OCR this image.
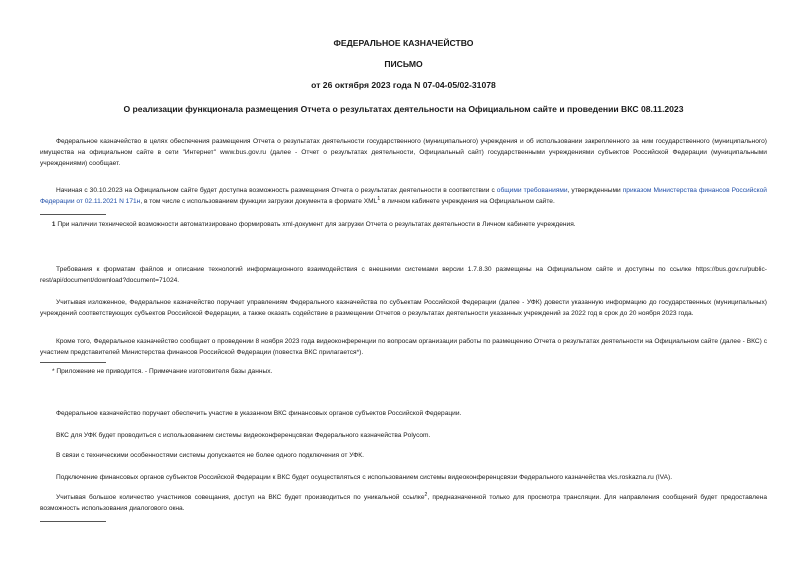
ФЕДЕРАЛЬНОЕ КАЗНАЧЕЙСТВО

ПИСЬМО

от 26 октября 2023 года N 07-04-05/02-31078

О реализации функционала размещения Отчета о результатах деятельности на Официальном сайте и проведении ВКС 08.11.2023

Федеральное казначейство в целях обеспечения размещения Отчета о результатах деятельности государственного (муниципального) учреждения и об использовании закрепленного за ним государственного (муниципального) имущества на официальном сайте в сети "Интернет" www.bus.gov.ru (далее - Отчет о результатах деятельности, Официальный сайт) государственными учреждениями субъектов Российской Федерации (муниципальными учреждениями) сообщает.

Начиная с 30.10.2023 на Официальном сайте будет доступна возможность размещения Отчета о результатах деятельности в соответствии с общими требованиями, утвержденными приказом Министерства финансов Российской Федерации от 02.11.2021 N 171н, в том числе с использованием функции загрузки документа в формате XML$^1$ в личном кабинете учреждения на Официальном сайте.

1 При наличии технической возможности автоматизировано формировать xml-документ для загрузки Отчета о результатах деятельности в Личном кабинете учреждения.

Требования к форматам файлов и описание технологий информационного взаимодействия с внешними системами версии 1.7.8.30 размещены на Официальном сайте и доступны по ссылке https://bus.gov.ru/public-rest/api/document/download?document=71024.

Учитывая изложенное, Федеральное казначейство поручает управлениям Федерального казначейства по субъектам Российской Федерации (далее - УФК) довести указанную информацию до государственных (муниципальных) учреждений соответствующих субъектов Российской Федерации, а также оказать содействие в размещении Отчетов о результатах деятельности указанных учреждений за 2022 год в срок до 20 ноября 2023 года.

Кроме того, Федеральное казначейство сообщает о проведении 8 ноября 2023 года видеоконференции по вопросам организации работы по размещению Отчета о результатах деятельности на Официальном сайте (далее - ВКС) с участием представителей Министерства финансов Российской Федерации (повестка ВКС прилагается*).

* Приложение не приводится. - Примечание изготовителя базы данных.

Федеральное казначейство поручает обеспечить участие в указанном ВКС финансовых органов субъектов Российской Федерации.

ВКС для УФК будет проводиться с использованием системы видеоконференцсвязи Федерального казначейства Polycom.

В связи с техническими особенностями системы допускается не более одного подключения от УФК.

Подключение финансовых органов субъектов Российской Федерации к ВКС будет осуществляться с использованием системы видеоконференцсвязи Федерального казначейства vks.roskazna.ru (IVA).

Учитывая большое количество участников совещания, доступ на ВКС будет производиться по уникальной ссылке$^2$, предназначенной только для просмотра трансляции. Для направления сообщений будет предоставлена возможность использования диалогового окна.
